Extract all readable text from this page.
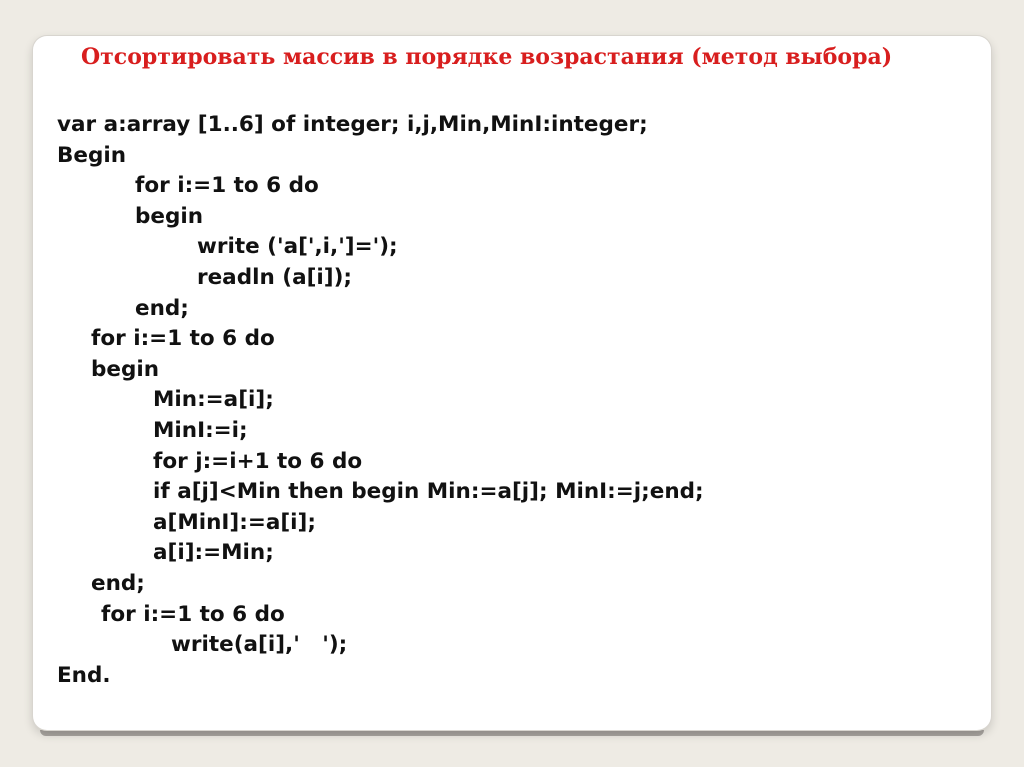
Отсортировать массив в порядке возрастания (метод выбора)
var a:array [1..6] of integer; i,j,Min,MinI:integer;
Begin
for i:=1 to 6 do
begin
write ('a[',i,']=');
readln (a[i]);
end;
for i:=1 to 6 do
begin
Min:=a[i];
MinI:=i;
for j:=i+1 to 6 do
if a[j]<Min then begin Min:=a[j]; MinI:=j;end;
a[MinI]:=a[i];
a[i]:=Min;
end;
for i:=1 to 6 do
write(a[i],'   ');
End.
